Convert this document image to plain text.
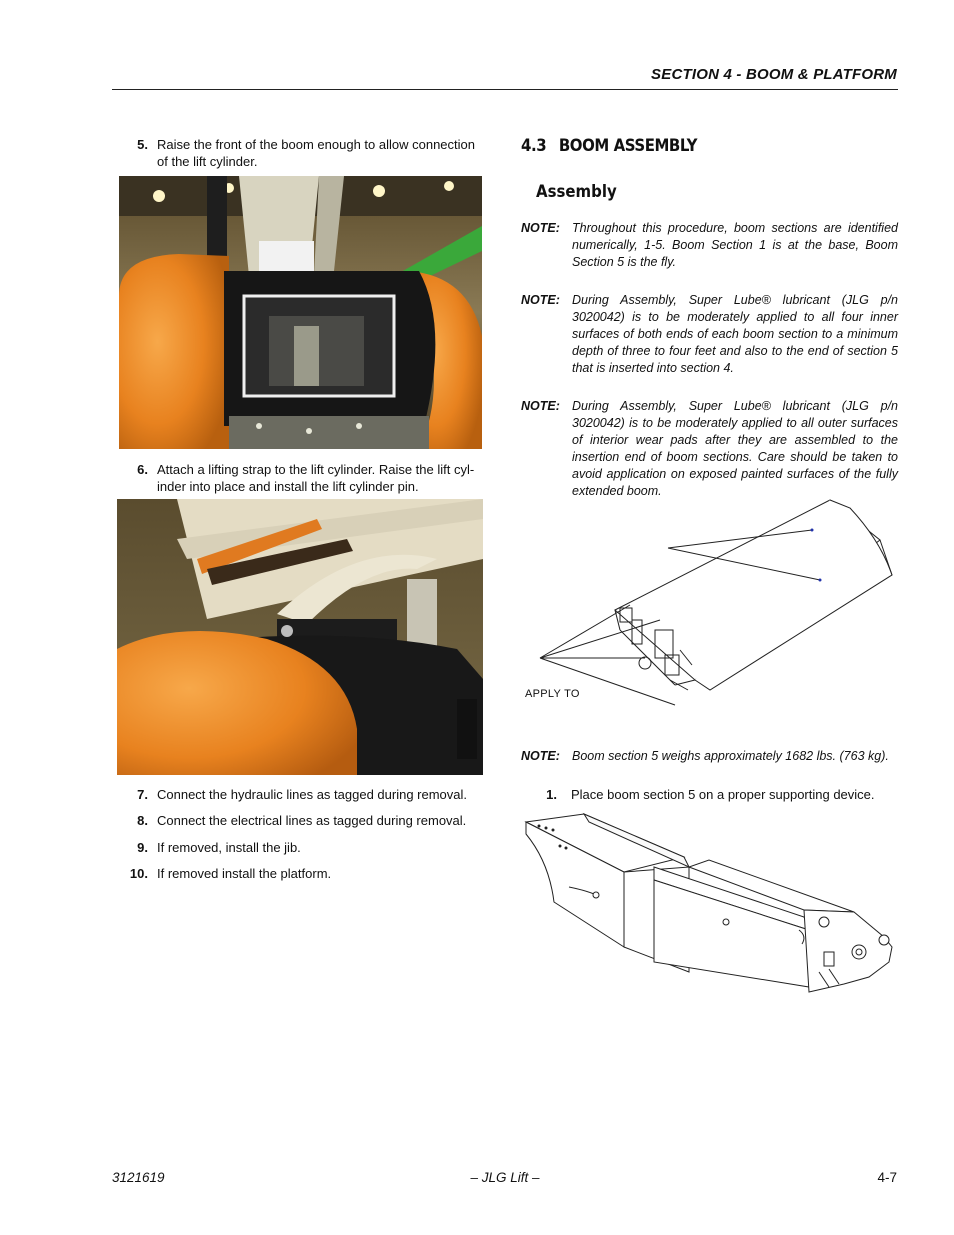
SECTION 4 - BOOM & PLATFORM
5. Raise the front of the boom enough to allow connection
of the lift cylinder.
6. Attach a lifting strap to the lift cylinder. Raise the lift cyl-
inder into place and install the lift cylinder pin.
7. Connect the hydraulic lines as tagged during removal.
8. Connect the electrical lines as tagged during removal.
9. If removed, install the jib.
10. If removed install the platform.
4.3 BOOM ASSEMBLY
Assembly
NOTE: Throughout this procedure, boom sections are identified numerically, 1-5. Boom Section 1 is at the base, Boom Section 5 is the fly.
NOTE: During Assembly, Super Lube® lubricant (JLG p/n 3020042) is to be moderately applied to all four inner surfaces of both ends of each boom section to a minimum depth of three to four feet and also to the end of section 5 that is inserted into section 4.
NOTE: During Assembly, Super Lube® lubricant (JLG p/n 3020042) is to be moderately applied to all outer surfaces of interior wear pads after they are assembled to the insertion end of boom sections. Care should be taken to avoid application on exposed painted surfaces of the fully extended boom.
APPLY TO
NOTE: Boom section 5 weighs approximately 1682 lbs. (763 kg).
1. Place boom section 5 on a proper supporting device.
3121619	– JLG Lift –	4-7
